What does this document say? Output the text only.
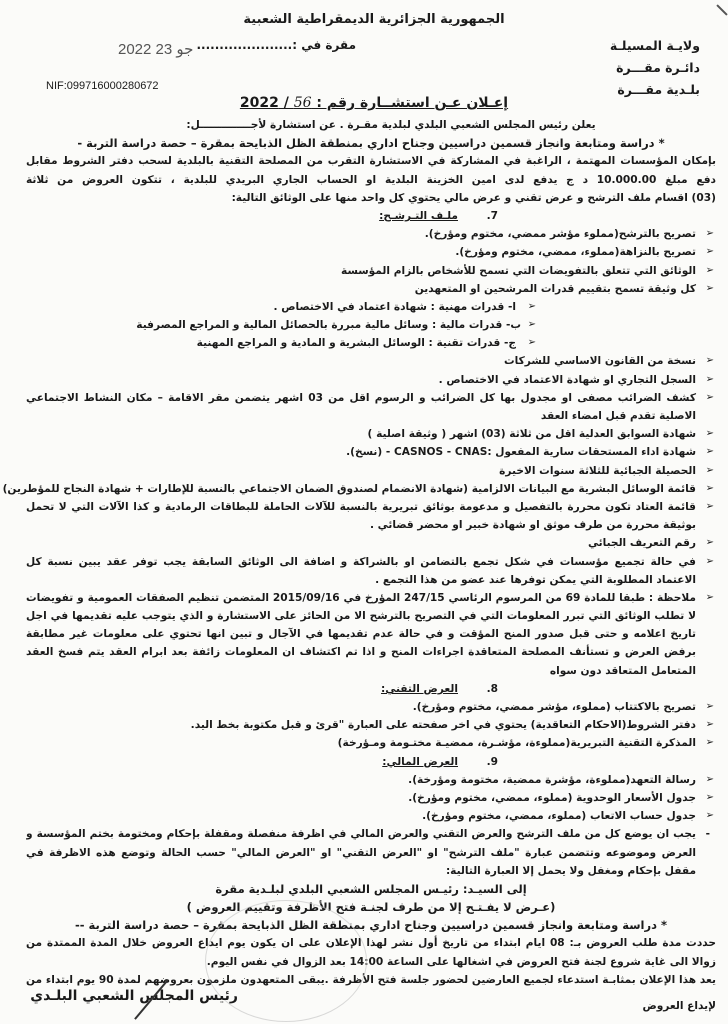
الجمهورية الجزائرية الديمقراطية الشعبية
مقرة في :.....................
2022 جو 23	ولايـة المسيلـة
دائـرة مقـــرة
بلـدية مقـــرة
NIF:099716000280672
إعـلان عـن استشــارة رقم : 56 / 2022
يعلن رئيس المجلس الشعبي البلدي لبلدية مقـرة . عن استشارة لأجــــــــــــــل:
* دراسة ومتابعة وانجاز قسمين دراسيين وجناح اداري بمنطقة الظل الذبايحة بمقرة – حصة دراسة التربة -
بإمكان المؤسسات المهتمة ، الراغبة في المشاركة في الاستشارة التقرب من المصلحة التقنية بالبلدية لسحب دفتر الشروط مقابل
دفع مبلغ 10.000.00 د ج يدفع لدى امين الخزينة البلدية او الحساب الجاري البريدي للبلدية ، تتكون العروض من ثلاثة
(03) اقسام ملف الترشح و عرض تقني و عرض مالي يحتوي كل واحد منها على الوثائق التالية:
7.ملـف التـرشـح:
➢
تصريح بالترشح(مملوء مؤشر ممضي، مختوم ومؤرخ).
➢
تصريح بالنزاهة(مملوء، ممضي، مختوم ومؤرخ).
➢
الوثائق التي تتعلق بالتفويضات التي تسمح للأشخاص بالزام المؤسسة
➢
كل وثيقة تسمح بتقييم قدرات المرشحين او المتعهدين
➢
ا- قدرات مهنية : شهادة اعتماد في الاختصاص .
➢
ب- قدرات مالية : وسائل مالية مبررة بالحصائل المالية و المراجع المصرفية
➢
ج- قدرات تقنية : الوسائل البشرية و المادية و المراجع المهنية
➢
نسخة من القانون الاساسي للشركات
➢
السجل التجاري او شهادة الاعتماد في الاختصاص .
➢
كشف الضرائب مصفى او مجدول بها كل الضرائب و الرسوم اقل من 03 اشهر يتضمن مقر الاقامة – مكان النشاط الاجتماعي
الاصلية تقدم قبل امضاء العقد
➢
شهادة السوابق العدلية اقل من ثلاثة (03) اشهر ( وثيقة اصلية )
➢
شهادة اداء المستحقات سارية المفعول :CASNOS - CNAS - (نسخ).
➢
الحصيلة الجبائية للثلاثة سنوات الاخيرة
➢
قائمة الوسائل البشرية مع البيانات الالزامية (شهادة الانضمام لصندوق الضمان الاجتماعي بالنسبة للإطارات + شهادة النجاح للمؤطرين)
➢
قائمة العتاد تكون محررة بالتفصيل و مدعومة بوثائق تبريرية بالنسبة للآلات الحاملة للبطاقات الرمادية و كذا الآلات التي لا تحمل
بوثيقة محررة من طرف موثق او شهادة خبير او محضر قضائي .
➢
رقم التعريف الجبائي
➢
في حالة تجميع مؤسسات في شكل تجمع بالتضامن او بالشراكة و اضافة الى الوثائق السابقة يجب توفر عقد يبين نسبة كل
الاعتماد المطلوبة التي يمكن توفرها عند عضو من هذا التجمع .
➢
ملاحظة : طبقا للمادة 69 من المرسوم الرئاسي 247/15 المؤرخ في 2015/09/16 المتضمن تنظيم الصفقات العمومية و تفويضات
لا تطلب الوثائق التي تبرر المعلومات التي في التصريح بالترشح الا من الحائز على الاستشارة و الذي يتوجب عليه تقديمها في اجل
تاريخ اعلامه و حتى قبل صدور المنح المؤقت و في حالة عدم تقديمها في الآجال و تبين انها تحتوي على معلومات غير مطابقة
برفض العرض و تستأنف المصلحة المتعاقدة اجراءات المنح و اذا تم اكتشاف ان المعلومات زائفة بعد ابرام العقد يتم فسخ العقد
المتعامل المتعاقد دون سواه
8.العرض التقني:
➢
تصريح بالاكتتاب (مملوء، مؤشر ممضي، مختوم ومؤرخ).
➢
دفتر الشروط(الاحكام التعاقدية) يحتوي في اخر صفحته على العبارة "قرئ و قبل مكتوبة بخط اليد.
➢
المذكرة التقنية التبريرية(مملوءة، مؤشـرة، ممضيـة مختـومة ومـؤرخة)
9.العرض المالي:
➢
رسالة التعهد(مملوءة، مؤشرة ممضية، مختومة ومؤرخة).
➢
جدول الأسعار الوحدوية (مملوء، ممضي، مختوم ومؤرخ).
➢
جدول حساب الاتعاب (مملوء، ممضي، مختوم ومؤرخ).
-
يجب ان يوضع كل من ملف الترشح والعرض التقني والعرض المالي في اظرفة منفصلة ومقفلة بإحكام ومختومة بختم المؤسسة و
العرض وموضوعه وتتضمن عبارة "ملف الترشح" او "العرض التقني" او "العرض المالي" حسب الحالة وتوضع هذه الاظرفة في
مقفل بإحكام ومغفل ولا يحمل إلا العبارة التالية:
إلى السيـد: رئيـس المجلس الشعبي البلدي لبلـدية مقرة
(عـرض لا يفـتـح إلا من طرف لجنـة فتح الأظرفة وتقييم العروض )
* دراسة ومتابعة وانجاز قسمين دراسيين وجناح اداري بمنطقة الظل الذبايحة بمقرة – حصة دراسة التربة --
حددت مدة طلب العروض بـ: 08 ايام ابتداء من تاريخ أول نشر لهذا الإعلان على ان يكون يوم ايداع العروض خلال المدة الممتدة من
زوالا الى غاية شروع لجنة فتح العروض في اشغالها على الساعة 14:00 بعد الزوال في نفس اليوم.
يعد هذا الإعلان بمثابـة استدعاء لجميع العارضين لحضور جلسة فتح الأظرفة .يبقى المتعهدون ملزمون بعروضهم لمدة 90 يوم ابتداء من
لإيداع العروض
رئيس المجلس الشعبي البلـدي
